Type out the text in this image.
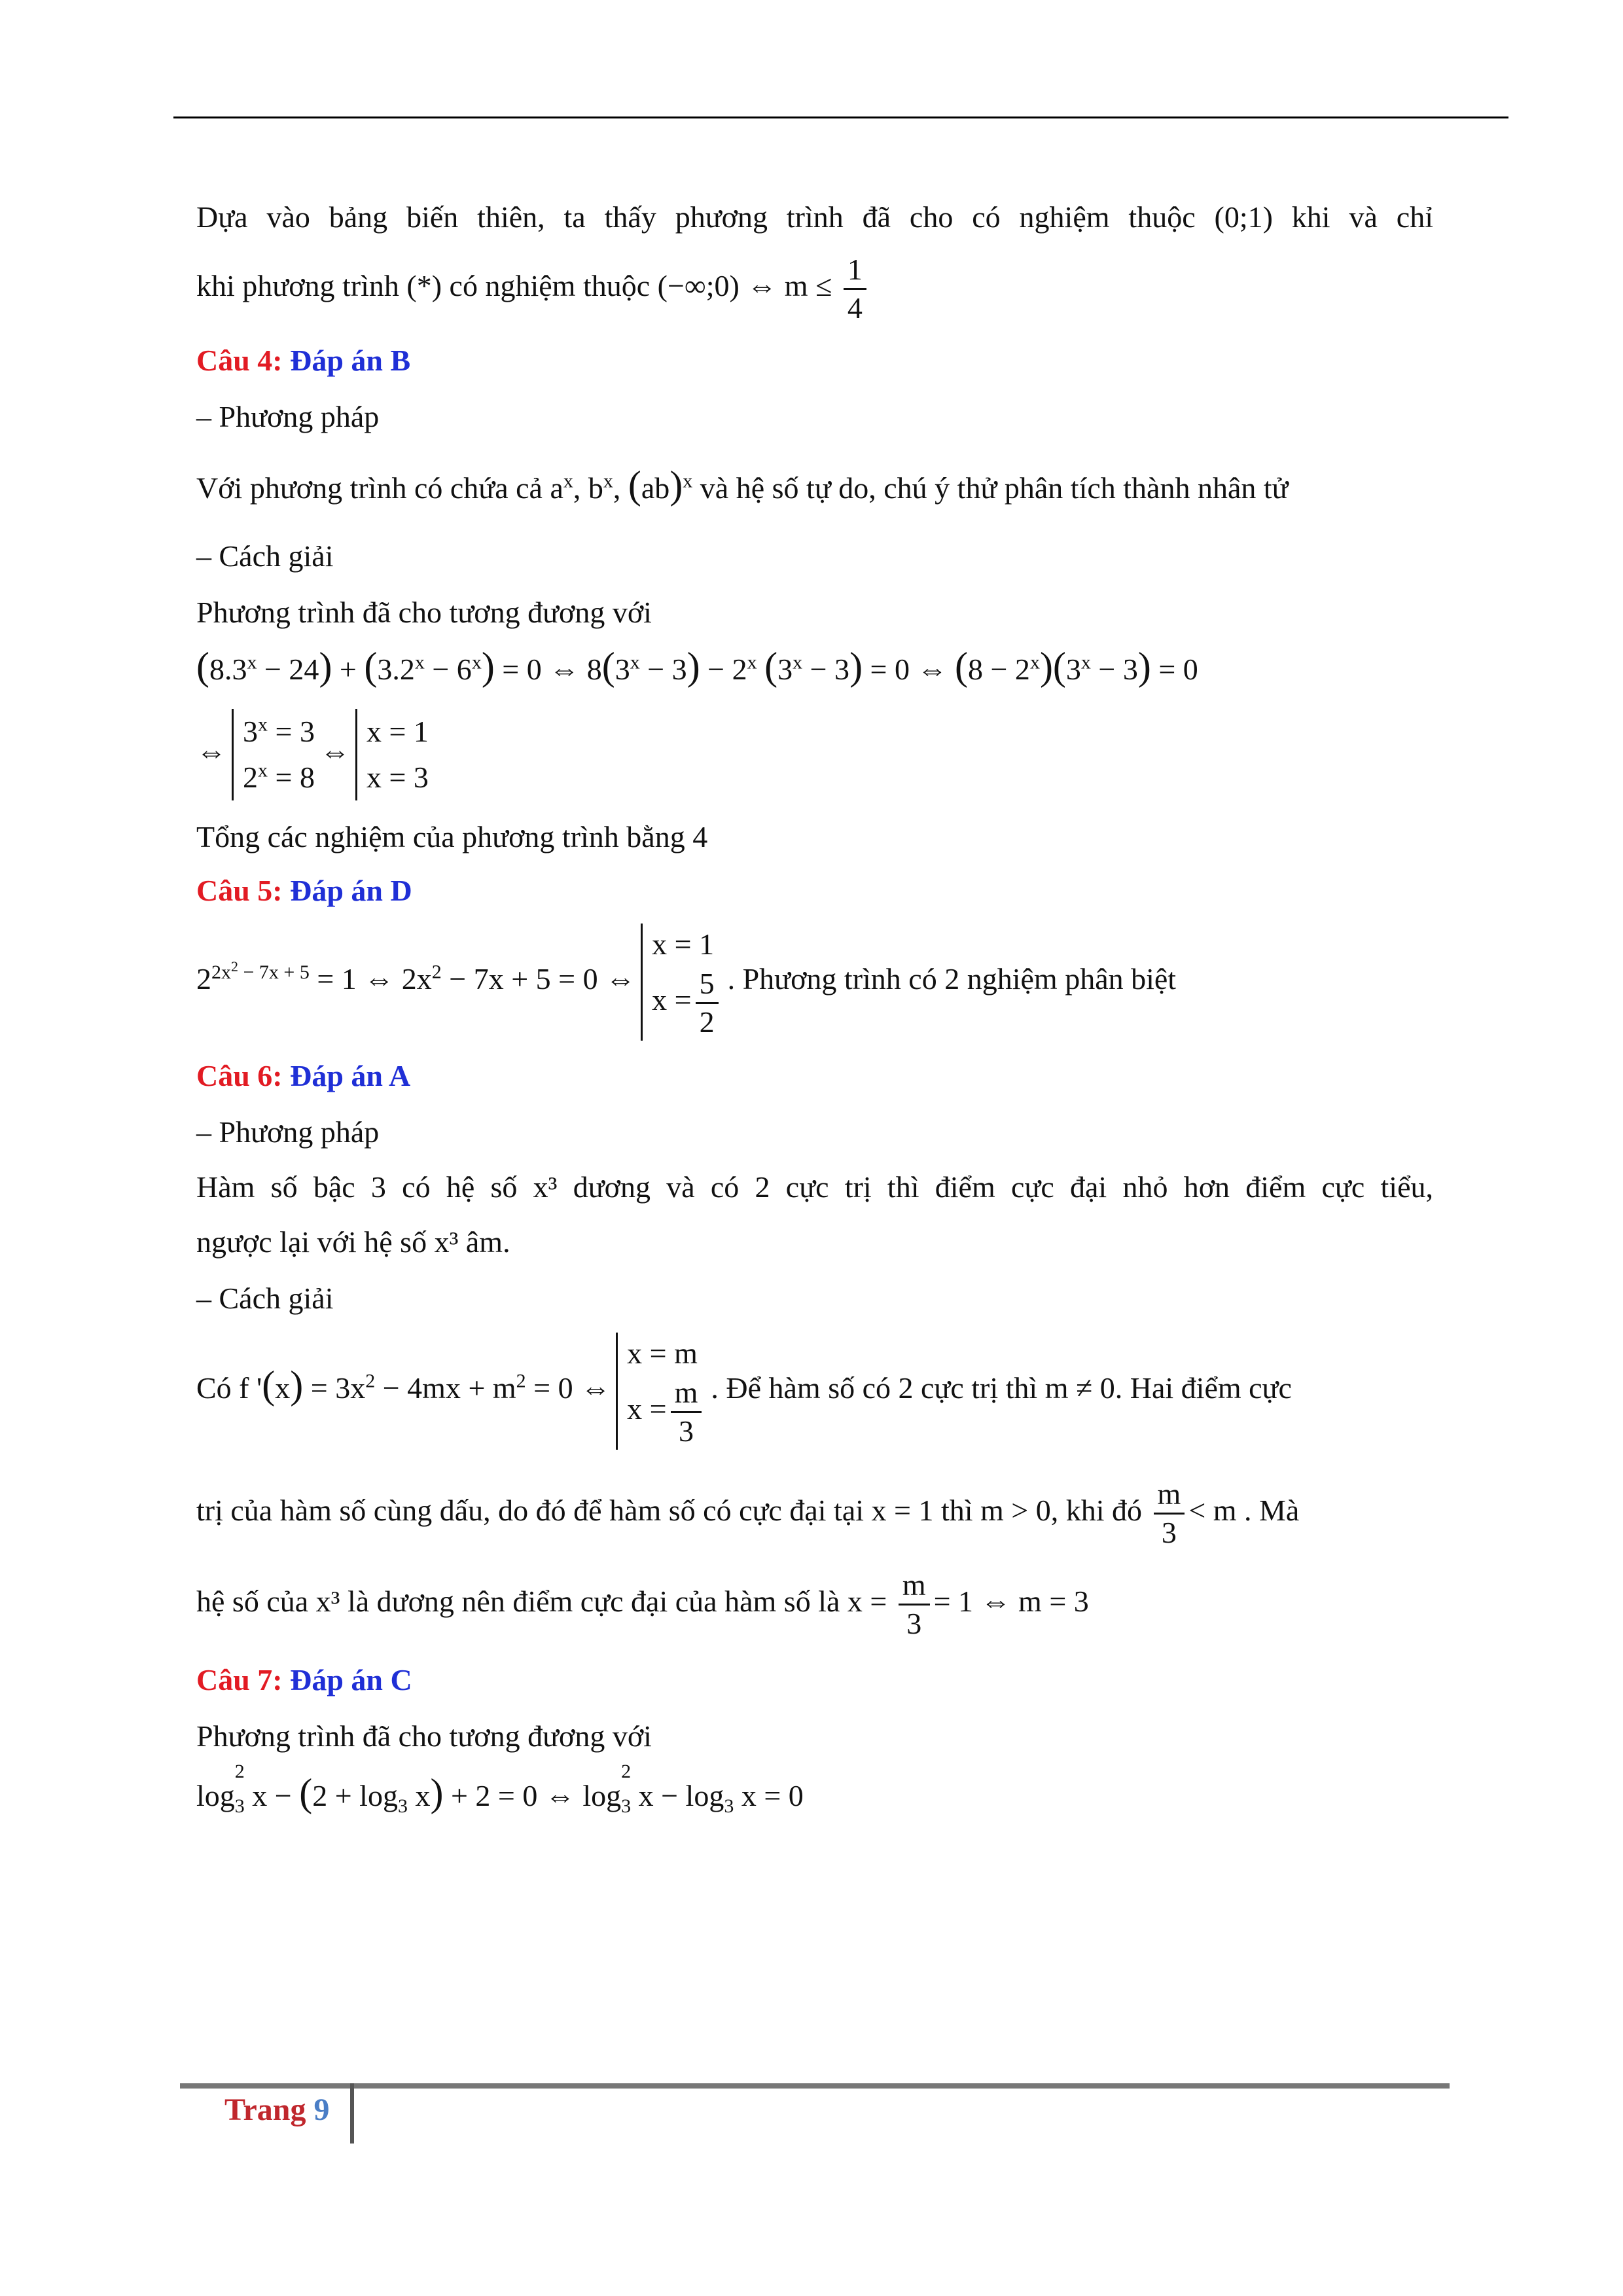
Dựa vào bảng biến thiên, ta thấy phương trình đã cho có nghiệm thuộc (0;1) khi và chỉ

khi phương trình (*) có nghiệm thuộc (−∞;0) ⇔ $m \le \frac{1}{4}$

Câu 4: Đáp án B

– Phương pháp

Với phương trình có chứa cả $a^x$, $b^x$, (ab)$^x$ và hệ số tự do, chú ý thử phân tích thành nhân tử

– Cách giải

Phương trình đã cho tương đương với

$(8.3^x - 24) + (3.2^x - 6^x) = 0$ ⇔ $8(3^x - 3) - 2^x$ $(3^x - 3) = 0$ ⇔ $(8 - 2^x)(3^x - 3) = 0$

⇔
$3^x = 3$
$2^x = 8$
⇔
x = 1
x = 3

Tổng các nghiệm của phương trình bằng 4

Câu 5: Đáp án D

$2^{2x^2 - 7x + 5} = 1$ ⇔ $2x^2 - 7x + 5 = 0$ ⇔
x = 1
$x = \frac{5}{2}$ . Phương trình có 2 nghiệm phân biệt

Câu 6: Đáp án A

– Phương pháp

Hàm số bậc 3 có hệ số x³ dương và có 2 cực trị thì điểm cực đại nhỏ hơn điểm cực tiểu,

ngược lại với hệ số x³ âm.

– Cách giải

Có f '$(x) = 3x^2 - 4mx + m^2 = 0$ ⇔
x = m
$x = \frac{m}{3}$ . Để hàm số có 2 cực trị thì m ≠ 0. Hai điểm cực

trị của hàm số cùng dấu, do đó để hàm số có cực đại tại x = 1 thì m > 0, khi đó $\frac{m}{3} < m$ . Mà

hệ số của x³ là dương nên điểm cực đại của hàm số là $x = \frac{m}{3} = 1$ ⇔ m = 3

Câu 7: Đáp án C

Phương trình đã cho tương đương với

log
$_{2 3}$ $x - (2 + \log_3 x) + 2 = 0$ ⇔ log
$_{2 3}$ $x - \log_3 x = 0$

Trang 9
